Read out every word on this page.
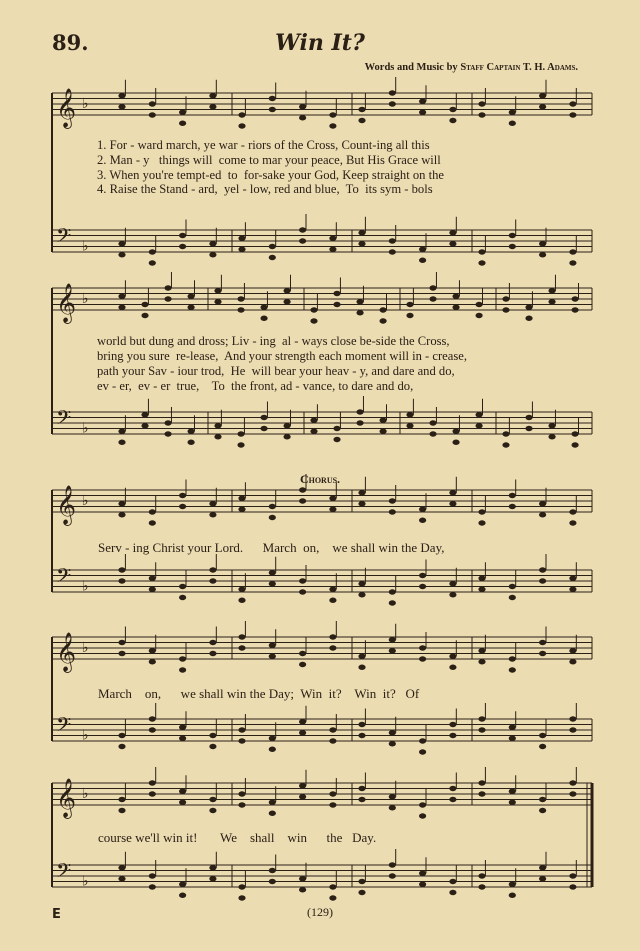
89.	Win It?
Words and Music by Staff Captain T. H. Adams.
𝄞 ♭
𝄢 ♭
𝄞 ♭
𝄢 ♭
𝄞 ♭
𝄢 ♭
𝄞 ♭
𝄢 ♭
𝄞 ♭
𝄢 ♭
1. For - ward march, ye war - riors of the Cross, Count-ing all this
2. Man - y   things will  come to mar your peace, But His Grace will
3. When you're tempt-ed  to  for-sake your God, Keep straight on the
4. Raise the Stand - ard,  yel - low, red and blue,  To  its sym - bols
world but dung and dross; Liv - ing  al - ways close be-side the Cross,
bring you sure  re-lease,  And your strength each moment will in - crease,
path your Sav - iour trod,  He  will bear your heav - y, and dare and do,
ev - er,  ev - er  true,    To  the front, ad - vance, to dare and do,
Chorus.
Serv - ing Christ your Lord.      March  on,    we shall win the Day,
March    on,      we shall win the Day;  Win  it?    Win  it?   Of
course we'll win it!       We    shall    win      the   Day.
E	(129)
